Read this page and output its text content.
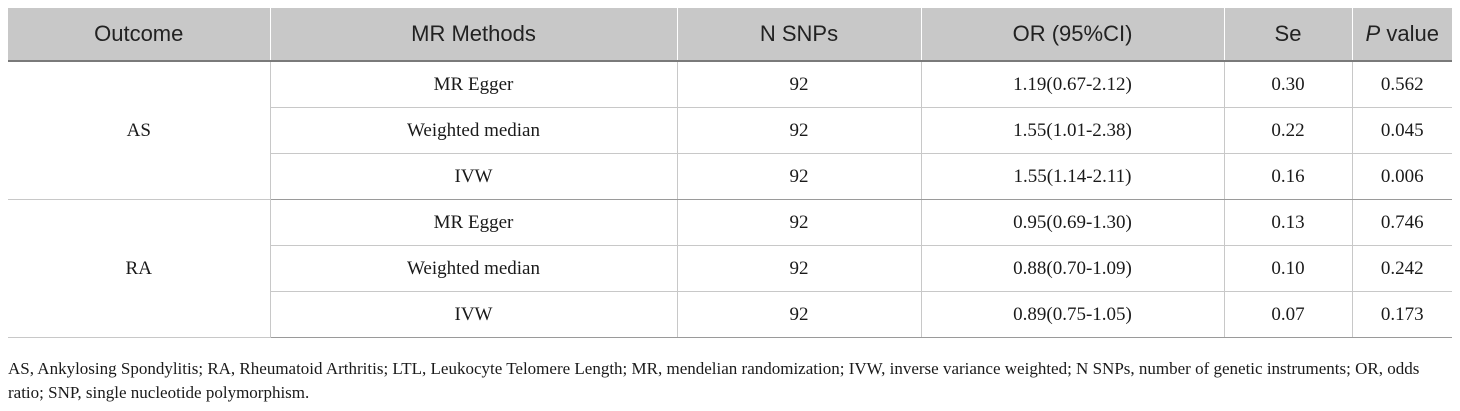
Outcome	MR Methods	N SNPs	OR (95%CI)	Se	P value
AS	MR Egger	92	1.19(0.67-2.12)	0.30	0.562
	Weighted median	92	1.55(1.01-2.38)	0.22	0.045
	IVW	92	1.55(1.14-2.11)	0.16	0.006
RA	MR Egger	92	0.95(0.69-1.30)	0.13	0.746
	Weighted median	92	0.88(0.70-1.09)	0.10	0.242
	IVW	92	0.89(0.75-1.05)	0.07	0.173

AS, Ankylosing Spondylitis; RA, Rheumatoid Arthritis; LTL, Leukocyte Telomere Length; MR, mendelian randomization; IVW, inverse variance weighted; N SNPs, number of genetic instruments; OR, odds ratio; SNP, single nucleotide polymorphism.
